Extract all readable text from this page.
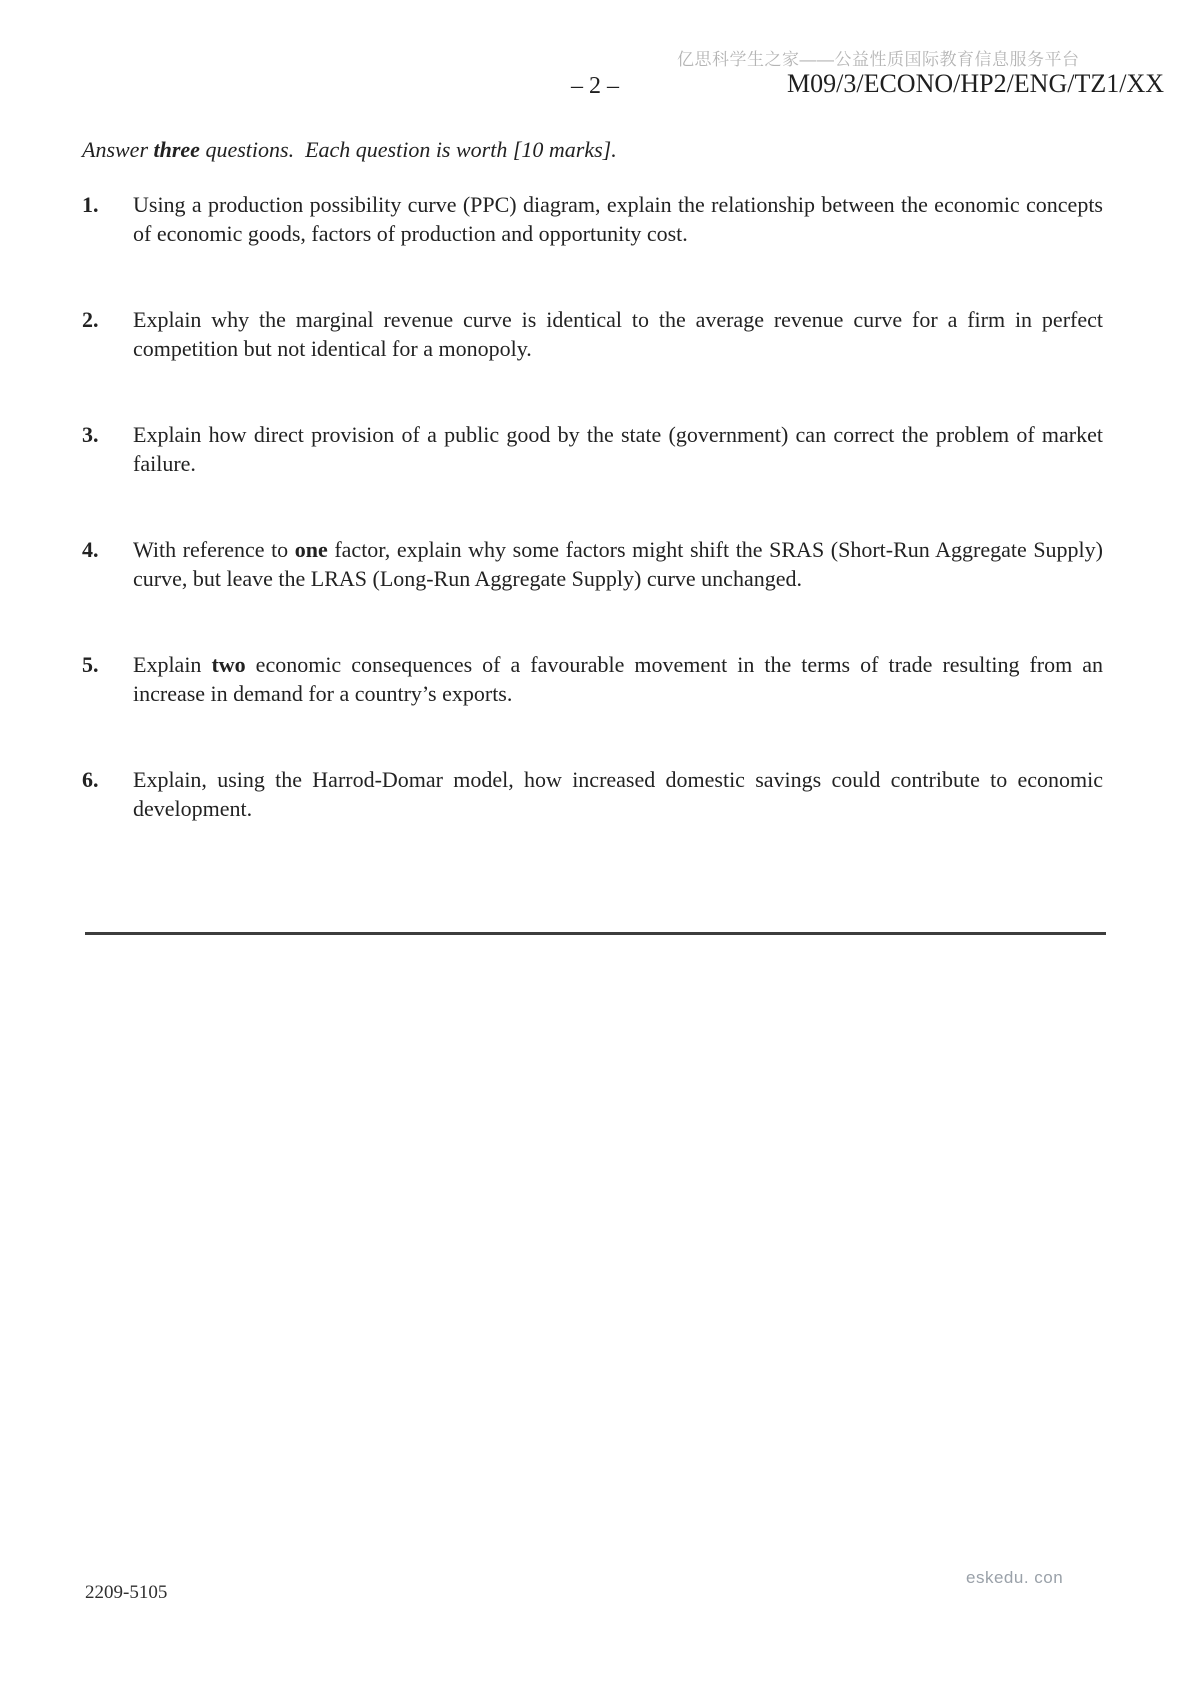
亿思科学生之家——公益性质国际教育信息服务平台
– 2 –	M09/3/ECONO/HP2/ENG/TZ1/XX
Answer three questions.  Each question is worth [10 marks].
1.	Using a production possibility curve (PPC) diagram, explain the relationship between the economic concepts of economic goods, factors of production and opportunity cost.
2.	Explain why the marginal revenue curve is identical to the average revenue curve for a firm in perfect competition but not identical for a monopoly.
3.	Explain how direct provision of a public good by the state (government) can correct the problem of market failure.
4.	With reference to one factor, explain why some factors might shift the SRAS (Short-Run Aggregate Supply) curve, but leave the LRAS (Long-Run Aggregate Supply) curve unchanged.
5.	Explain two economic consequences of a favourable movement in the terms of trade resulting from an increase in demand for a country’s exports.
6.	Explain, using the Harrod-Domar model, how increased domestic savings could contribute to economic development.
2209-5105
eskedu. con
